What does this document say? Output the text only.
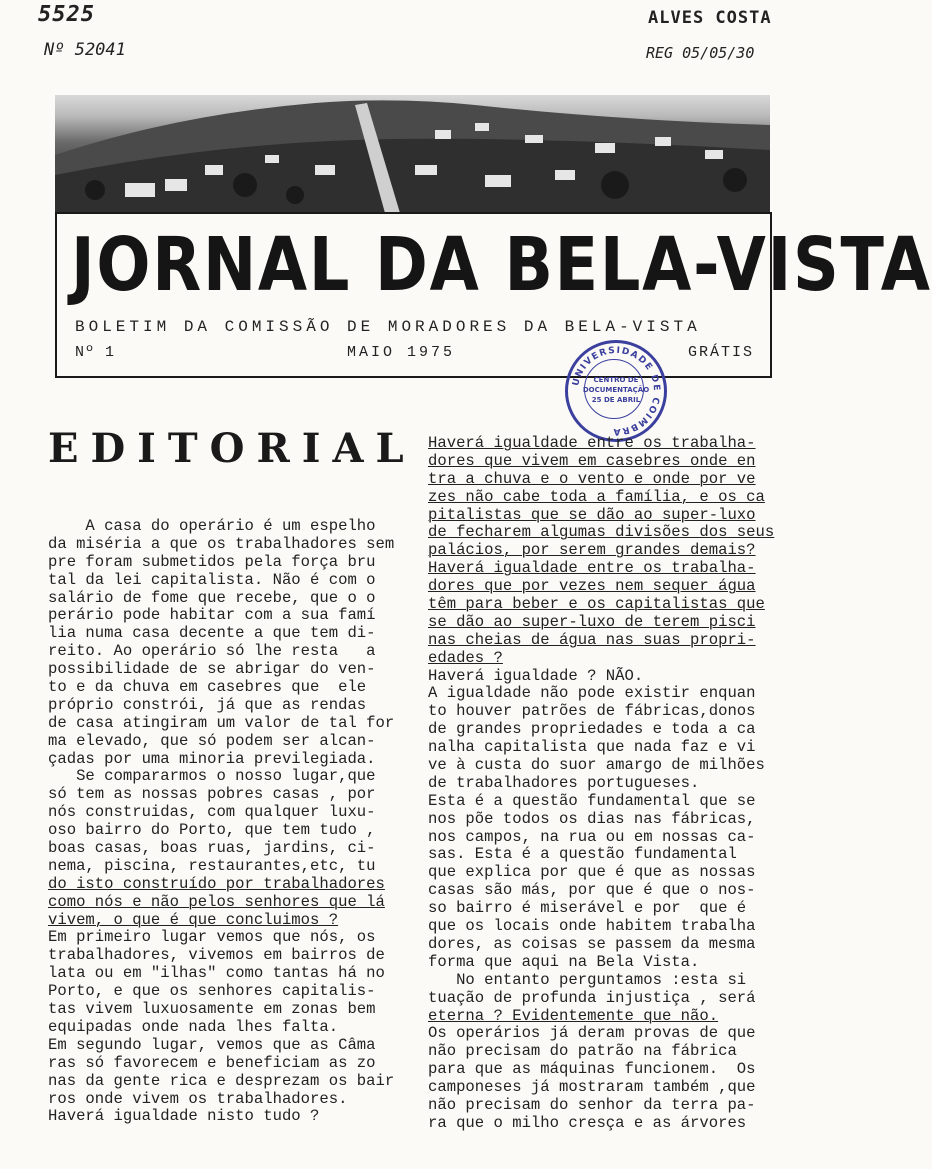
5525
Nº 52041
ALVES COSTA
REG 05/05/30
JORNAL DA BELA-VISTA
BOLETIM DA COMISSÃO DE MORADORES DA BELA-VISTA
Nº 1	MAIO 1975	GRÁTIS
UNIVERSIDADE DE COIMBRA
CENTRO DE
DOCUMENTAÇÃO
25 DE ABRIL
EDITORIAL
A casa do operário é um espelho
da miséria a que os trabalhadores sem
pre foram submetidos pela força bru
tal da lei capitalista. Não é com o
salário de fome que recebe, que o o
perário pode habitar com a sua famí
lia numa casa decente a que tem di-
reito. Ao operário só lhe resta   a
possibilidade de se abrigar do ven-
to e da chuva em casebres que  ele
próprio constrói, já que as rendas
de casa atingiram um valor de tal for
ma elevado, que só podem ser alcan-
çadas por uma minoria previlegiada.
Se compararmos o nosso lugar,que
só tem as nossas pobres casas , por
nós construidas, com qualquer luxu-
oso bairro do Porto, que tem tudo ,
boas casas, boas ruas, jardins, ci-
nema, piscina, restaurantes,etc, tu
do isto construído por trabalhadores
como nós e não pelos senhores que lá
vivem, o que é que concluimos ?
Em primeiro lugar vemos que nós, os
trabalhadores, vivemos em bairros de
lata ou em "ilhas" como tantas há no
Porto, e que os senhores capitalis-
tas vivem luxuosamente em zonas bem
equipadas onde nada lhes falta.
Em segundo lugar, vemos que as Câma
ras só favorecem e beneficiam as zo
nas da gente rica e desprezam os bair
ros onde vivem os trabalhadores.
Haverá igualdade nisto tudo ?
Haverá igualdade entre os trabalha-
dores que vivem em casebres onde en
tra a chuva e o vento e onde por ve
zes não cabe toda a família, e os ca
pitalistas que se dão ao super-luxo
de fecharem algumas divisões dos seus
palácios, por serem grandes demais?
Haverá igualdade entre os trabalha-
dores que por vezes nem sequer água
têm para beber e os capitalistas que
se dão ao super-luxo de terem pisci
nas cheias de água nas suas propri-
edades ?
Haverá igualdade ? NÃO.
A igualdade não pode existir enquan
to houver patrões de fábricas,donos
de grandes propriedades e toda a ca
nalha capitalista que nada faz e vi
ve à custa do suor amargo de milhões
de trabalhadores portugueses.
Esta é a questão fundamental que se
nos põe todos os dias nas fábricas,
nos campos, na rua ou em nossas ca-
sas. Esta é a questão fundamental
que explica por que é que as nossas
casas são más, por que é que o nos-
so bairro é miserável e por  que é
que os locais onde habitem trabalha
dores, as coisas se passem da mesma
forma que aqui na Bela Vista.
No entanto perguntamos :esta si
tuação de profunda injustiça , será
eterna ? Evidentemente que não.
Os operários já deram provas de que
não precisam do patrão na fábrica
para que as máquinas funcionem.  Os
camponeses já mostraram também ,que
não precisam do senhor da terra pa-
ra que o milho cresça e as árvores
